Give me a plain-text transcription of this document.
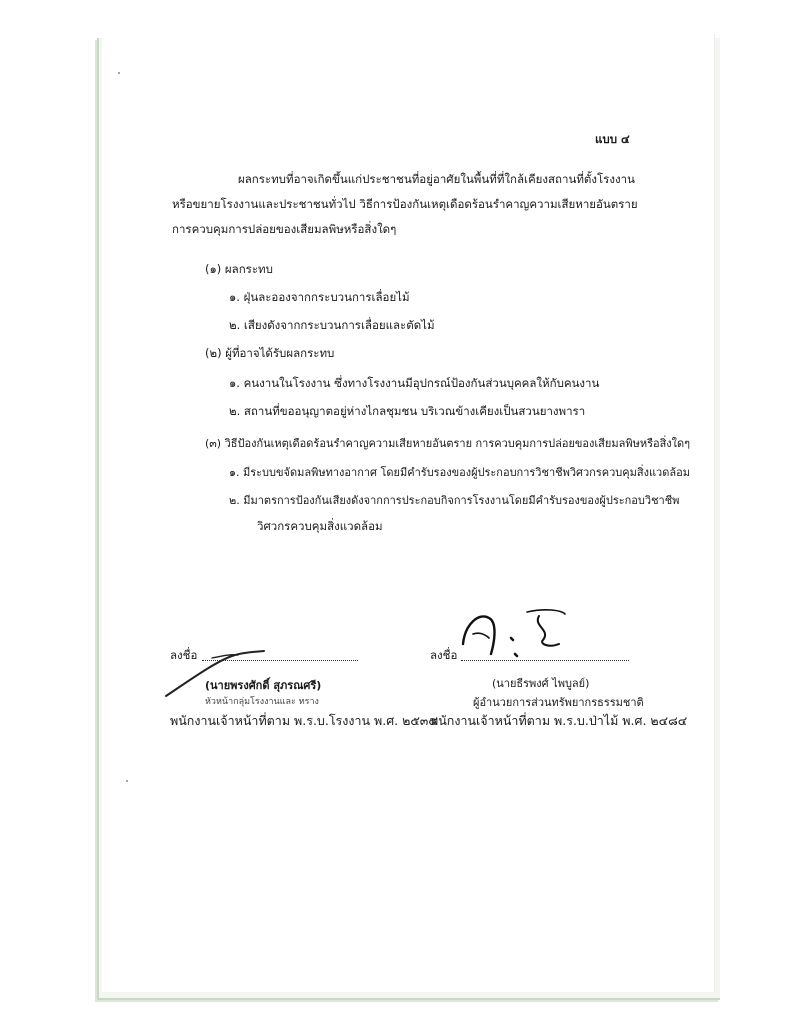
แบบ ๔
ผลกระทบที่อาจเกิดขึ้นแก่ประชาชนที่อยู่อาศัยในพื้นที่ที่ใกล้เคียงสถานที่ตั้งโรงงาน
หรือขยายโรงงานและประชาชนทั่วไป วิธีการป้องกันเหตุเดือดร้อนรำคาญความเสียหายอันตราย
การควบคุมการปล่อยของเสียมลพิษหรือสิ่งใดๆ
(๑) ผลกระทบ
๑. ฝุ่นละอองจากกระบวนการเลื่อยไม้
๒. เสียงดังจากกระบวนการเลื่อยและตัดไม้
(๒) ผู้ที่อาจได้รับผลกระทบ
๑. คนงานในโรงงาน ซึ่งทางโรงงานมีอุปกรณ์ป้องกันส่วนบุคคลให้กับคนงาน
๒. สถานที่ขออนุญาตอยู่ห่างไกลชุมชน บริเวณข้างเคียงเป็นสวนยางพารา
(๓) วิธีป้องกันเหตุเดือดร้อนรำคาญความเสียหายอันตราย การควบคุมการปล่อยของเสียมลพิษหรือสิ่งใดๆ
๑. มีระบบขจัดมลพิษทางอากาศ โดยมีคำรับรองของผู้ประกอบการวิชาชีพวิศวกรควบคุมสิ่งแวดล้อม
๒. มีมาตรการป้องกันเสียงดังจากการประกอบกิจการโรงงานโดยมีคำรับรองของผู้ประกอบวิชาชีพ
วิศวกรควบคุมสิ่งแวดล้อม
ลงชื่อ
(นายพรงศักดิ์ สุภรณศรี)
หัวหน้ากลุ่มโรงงานและ ทราง
พนักงานเจ้าหน้าที่ตาม พ.ร.บ.โรงงาน พ.ศ. ๒๕๓๕
ลงชื่อ
(นายธีรพงศ์ ไพบูลย์)
ผู้อำนวยการส่วนทรัพยากรธรรมชาติ
พนักงานเจ้าหน้าที่ตาม พ.ร.บ.ป่าไม้ พ.ศ. ๒๔๘๔
